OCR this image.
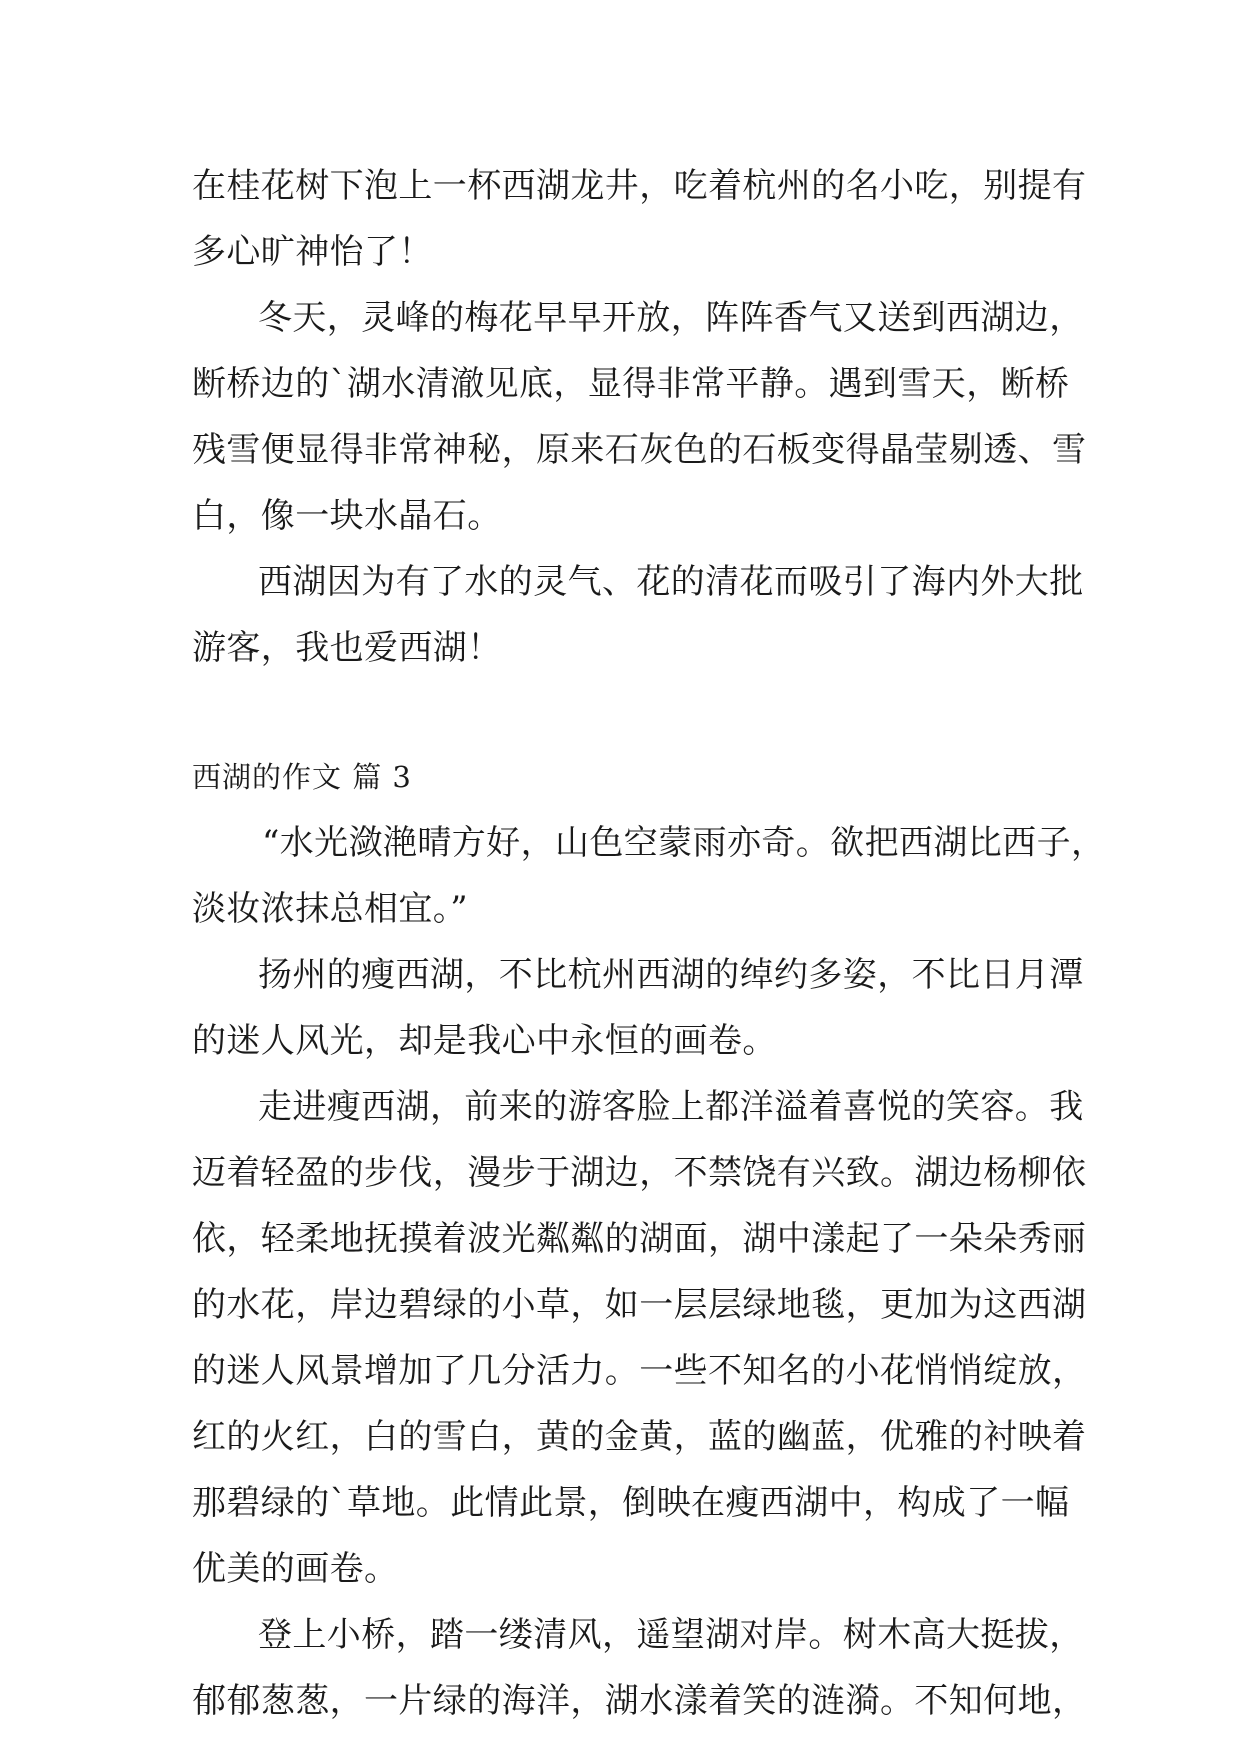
在桂花树下泡上一杯西湖龙井，吃着杭州的名小吃，别提有
多心旷神怡了！
冬天，灵峰的梅花早早开放，阵阵香气又送到西湖边，
断桥边的`湖水清澈见底，显得非常平静。遇到雪天，断桥
残雪便显得非常神秘，原来石灰色的石板变得晶莹剔透、雪
白，像一块水晶石。
西湖因为有了水的灵气、花的清花而吸引了海内外大批
游客，我也爱西湖！
西湖的作文 篇 3
“水光潋滟晴方好，山色空蒙雨亦奇。欲把西湖比西子，
淡妆浓抹总相宜。”
扬州的瘦西湖，不比杭州西湖的绰约多姿，不比日月潭
的迷人风光，却是我心中永恒的画卷。
走进瘦西湖，前来的游客脸上都洋溢着喜悦的笑容。我
迈着轻盈的步伐，漫步于湖边，不禁饶有兴致。湖边杨柳依
依，轻柔地抚摸着波光粼粼的湖面，湖中漾起了一朵朵秀丽
的水花，岸边碧绿的小草，如一层层绿地毯，更加为这西湖
的迷人风景增加了几分活力。一些不知名的小花悄悄绽放，
红的火红，白的雪白，黄的金黄，蓝的幽蓝，优雅的衬映着
那碧绿的`草地。此情此景，倒映在瘦西湖中，构成了一幅
优美的画卷。
登上小桥，踏一缕清风，遥望湖对岸。树木高大挺拔，
郁郁葱葱，一片绿的海洋，湖水漾着笑的涟漪。不知何地，
